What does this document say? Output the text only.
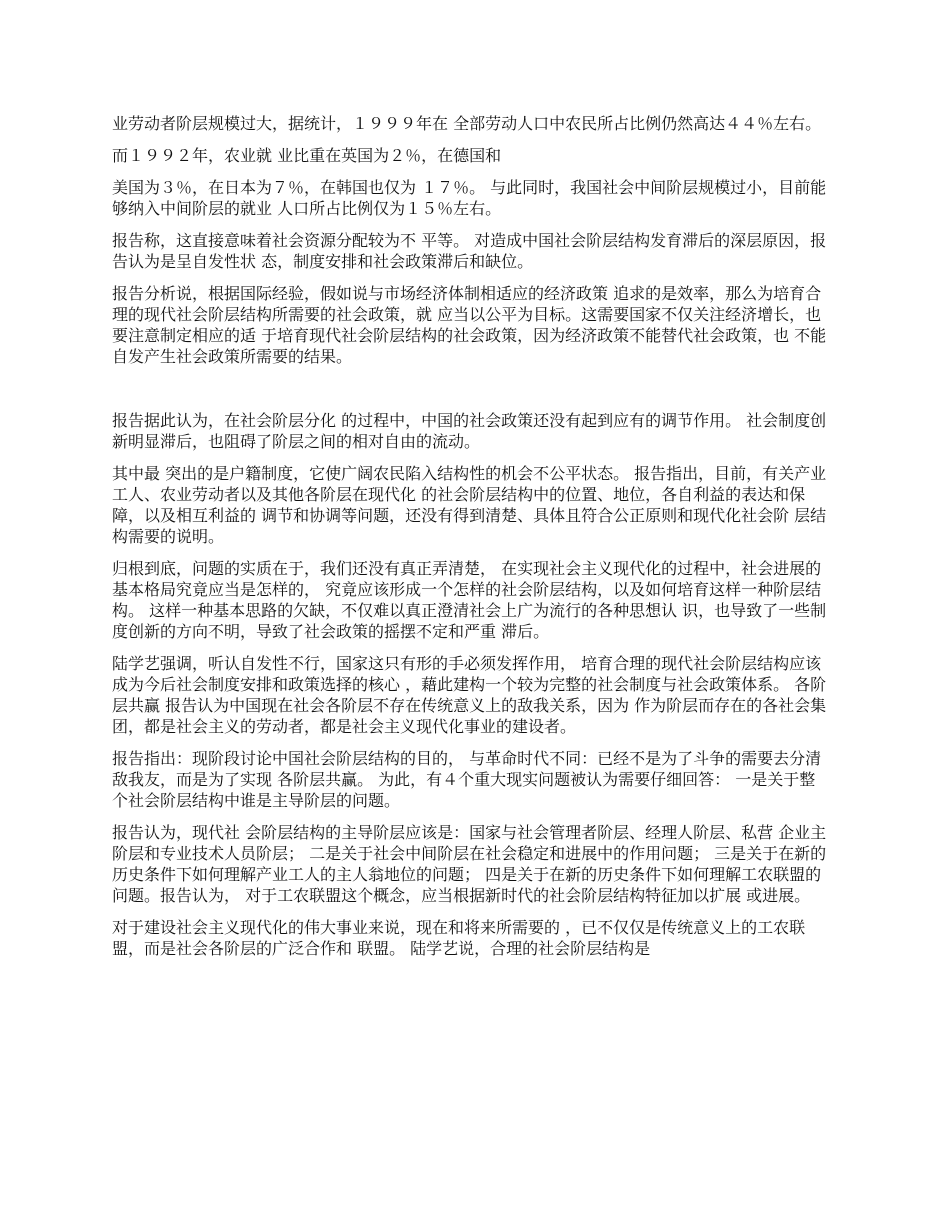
业劳动者阶层规模过大，据统计，１９９９年在 全部劳动人口中农民所占比例仍然高达４４％左右。

而１９９２年，农业就 业比重在英国为２％，在德国和

美国为３％，在日本为７％，在韩国也仅为 １７％。 与此同时，我国社会中间阶层规模过小，目前能够纳入中间阶层的就业 人口所占比例仅为１５％左右。

报告称，这直接意味着社会资源分配较为不 平等。 对造成中国社会阶层结构发育滞后的深层原因，报告认为是呈自发性状 态，制度安排和社会政策滞后和缺位。

报告分析说，根据国际经验，假如说与市场经济体制相适应的经济政策 追求的是效率，那么为培育合理的现代社会阶层结构所需要的社会政策，就 应当以公平为目标。这需要国家不仅关注经济增长，也要注意制定相应的适 于培育现代社会阶层结构的社会政策，因为经济政策不能替代社会政策，也 不能自发产生社会政策所需要的结果。

报告据此认为，在社会阶层分化 的过程中，中国的社会政策还没有起到应有的调节作用。 社会制度创新明显滞后，也阻碍了阶层之间的相对自由的流动。

其中最 突出的是户籍制度，它使广阔农民陷入结构性的机会不公平状态。 报告指出，目前，有关产业工人、农业劳动者以及其他各阶层在现代化 的社会阶层结构中的位置、地位，各自利益的表达和保障，以及相互利益的 调节和协调等问题，还没有得到清楚、具体且符合公正原则和现代化社会阶 层结构需要的说明。

归根到底，问题的实质在于，我们还没有真正弄清楚， 在实现社会主义现代化的过程中，社会进展的基本格局究竟应当是怎样的， 究竟应该形成一个怎样的社会阶层结构，以及如何培育这样一种阶层结构。 这样一种基本思路的欠缺，不仅难以真正澄清社会上广为流行的各种思想认 识，也导致了一些制度创新的方向不明，导致了社会政策的摇摆不定和严重 滞后。

陆学艺强调，听认自发性不行，国家这只有形的手必须发挥作用， 培育合理的现代社会阶层结构应该成为今后社会制度安排和政策选择的核心 ，藉此建构一个较为完整的社会制度与社会政策体系。 各阶层共赢 报告认为中国现在社会各阶层不存在传统意义上的敌我关系，因为 作为阶层而存在的各社会集团，都是社会主义的劳动者，都是社会主义现代化事业的建设者。

报告指出：现阶段讨论中国社会阶层结构的目的， 与革命时代不同：已经不是为了斗争的需要去分清敌我友，而是为了实现 各阶层共赢。 为此，有４个重大现实问题被认为需要仔细回答： 一是关于整个社会阶层结构中谁是主导阶层的问题。

报告认为，现代社 会阶层结构的主导阶层应该是：国家与社会管理者阶层、经理人阶层、私营 企业主阶层和专业技术人员阶层； 二是关于社会中间阶层在社会稳定和进展中的作用问题； 三是关于在新的历史条件下如何理解产业工人的主人翁地位的问题； 四是关于在新的历史条件下如何理解工农联盟的问题。报告认为， 对于工农联盟这个概念，应当根据新时代的社会阶层结构特征加以扩展 或进展。

对于建设社会主义现代化的伟大事业来说，现在和将来所需要的 ，已不仅仅是传统意义上的工农联盟，而是社会各阶层的广泛合作和 联盟。 陆学艺说，合理的社会阶层结构是
